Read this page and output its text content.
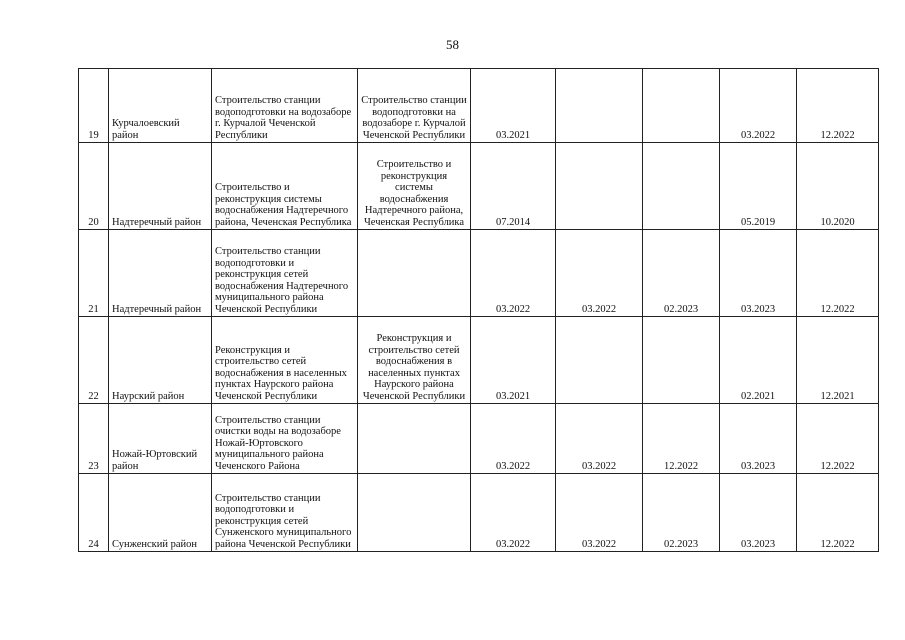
58
19	Курчалоевский район	Строительство станции водоподготовки на водозаборе г. Курчалой Чеченской Республики	Строительство станции водоподготовки на водозаборе г. Курчалой Чеченской Республики	03.2021			03.2022	12.2022
20	Надтеречный район	Строительство и реконструкция системы водоснабжения Надтеречного района, Чеченская Республика	Строительство и реконструкция системы водоснабжения Надтеречного района, Чеченская Республика	07.2014			05.2019	10.2020
21	Надтеречный район	Строительство станции водоподготовки и реконструкция сетей водоснабжения Надтеречного муниципального района Чеченской Республики		03.2022	03.2022	02.2023	03.2023	12.2022
22	Наурский район	Реконструкция и строительство сетей водоснабжения в населенных пунктах Наурского района Чеченской Республики	Реконструкция и строительство сетей водоснабжения в населенных пунктах Наурского района Чеченской Республики	03.2021			02.2021	12.2021
23	Ножай-Юртовский район	Строительство станции очистки воды на водозаборе Ножай-Юртовского муниципального района Чеченского Района		03.2022	03.2022	12.2022	03.2023	12.2022
24	Сунженский район	Строительство станции водоподготовки и реконструкция сетей Сунженского муниципального района Чеченской Республики		03.2022	03.2022	02.2023	03.2023	12.2022
